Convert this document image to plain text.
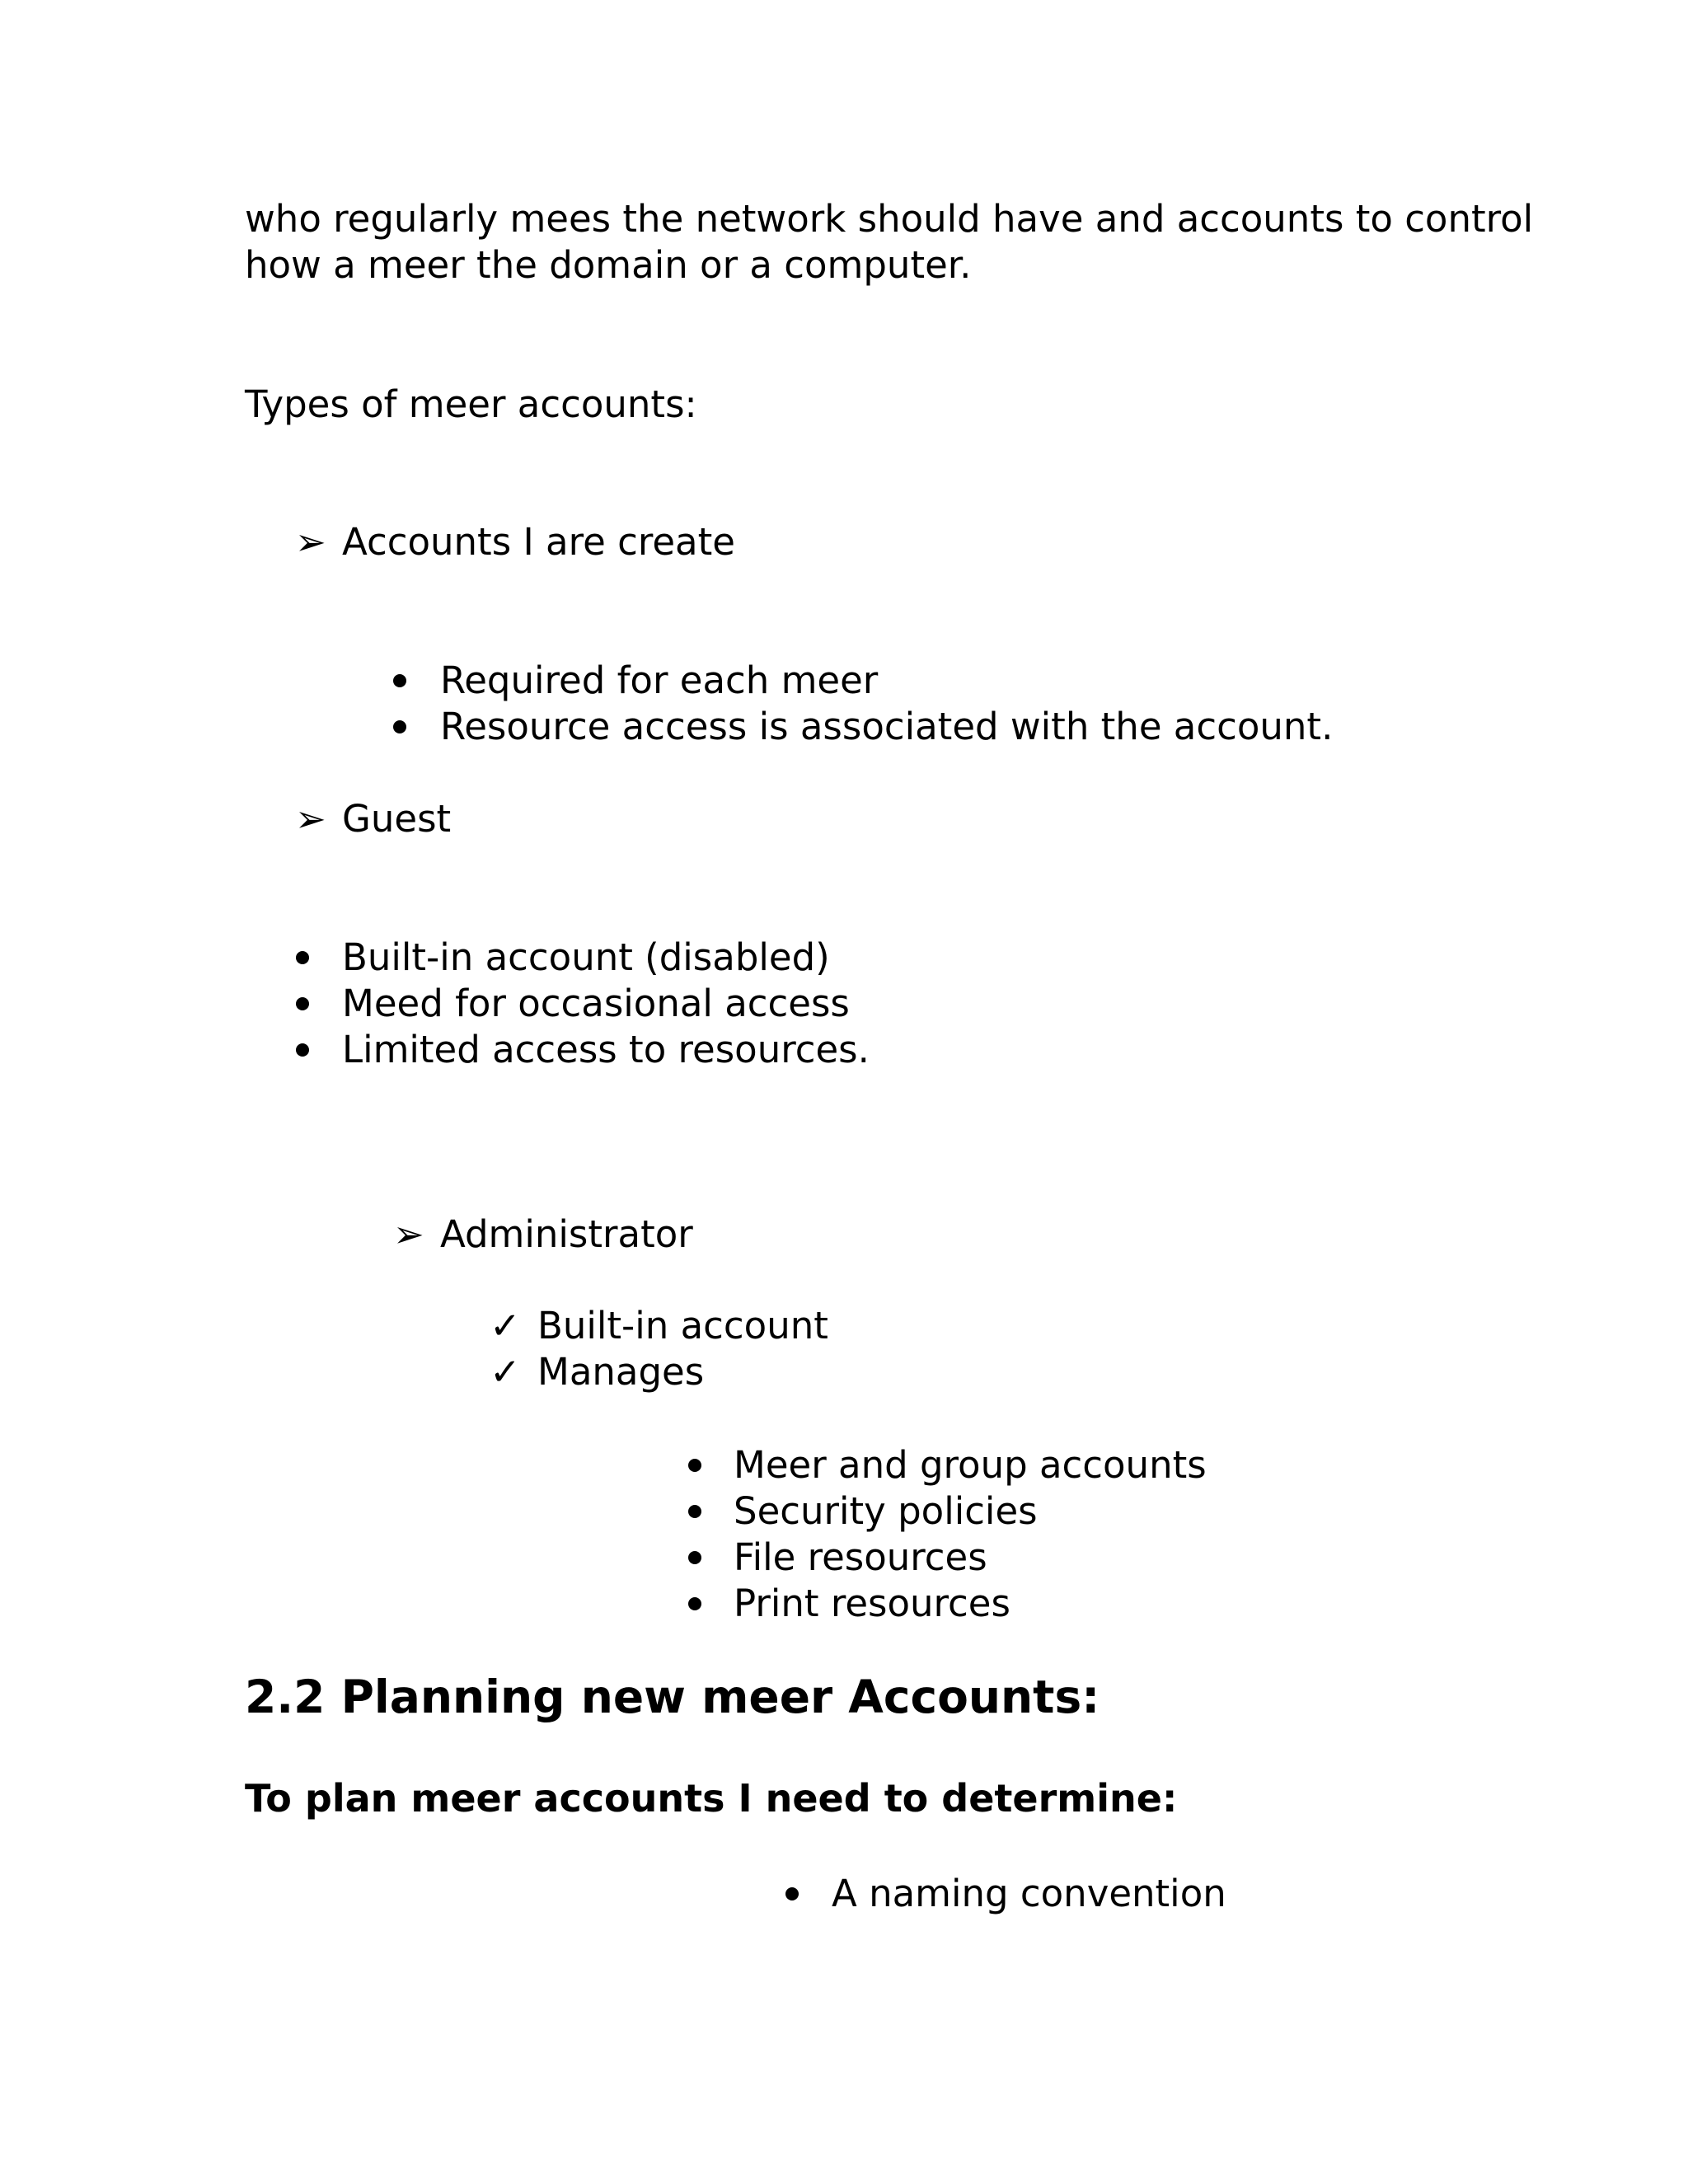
who regularly mees the network should have and accounts to control
how a meer the domain or a computer.
Types of meer accounts:
➢ Accounts I are create
Required for each meer
Resource access is associated with the account.
➢ Guest
Built-in account (disabled)
Meed for occasional access
Limited access to resources.
➢ Administrator
✓ Built-in account
✓ Manages
Meer and group accounts
Security policies
File resources
Print resources
2.2 Planning new meer Accounts:
To plan meer accounts I need to determine:
A naming convention
